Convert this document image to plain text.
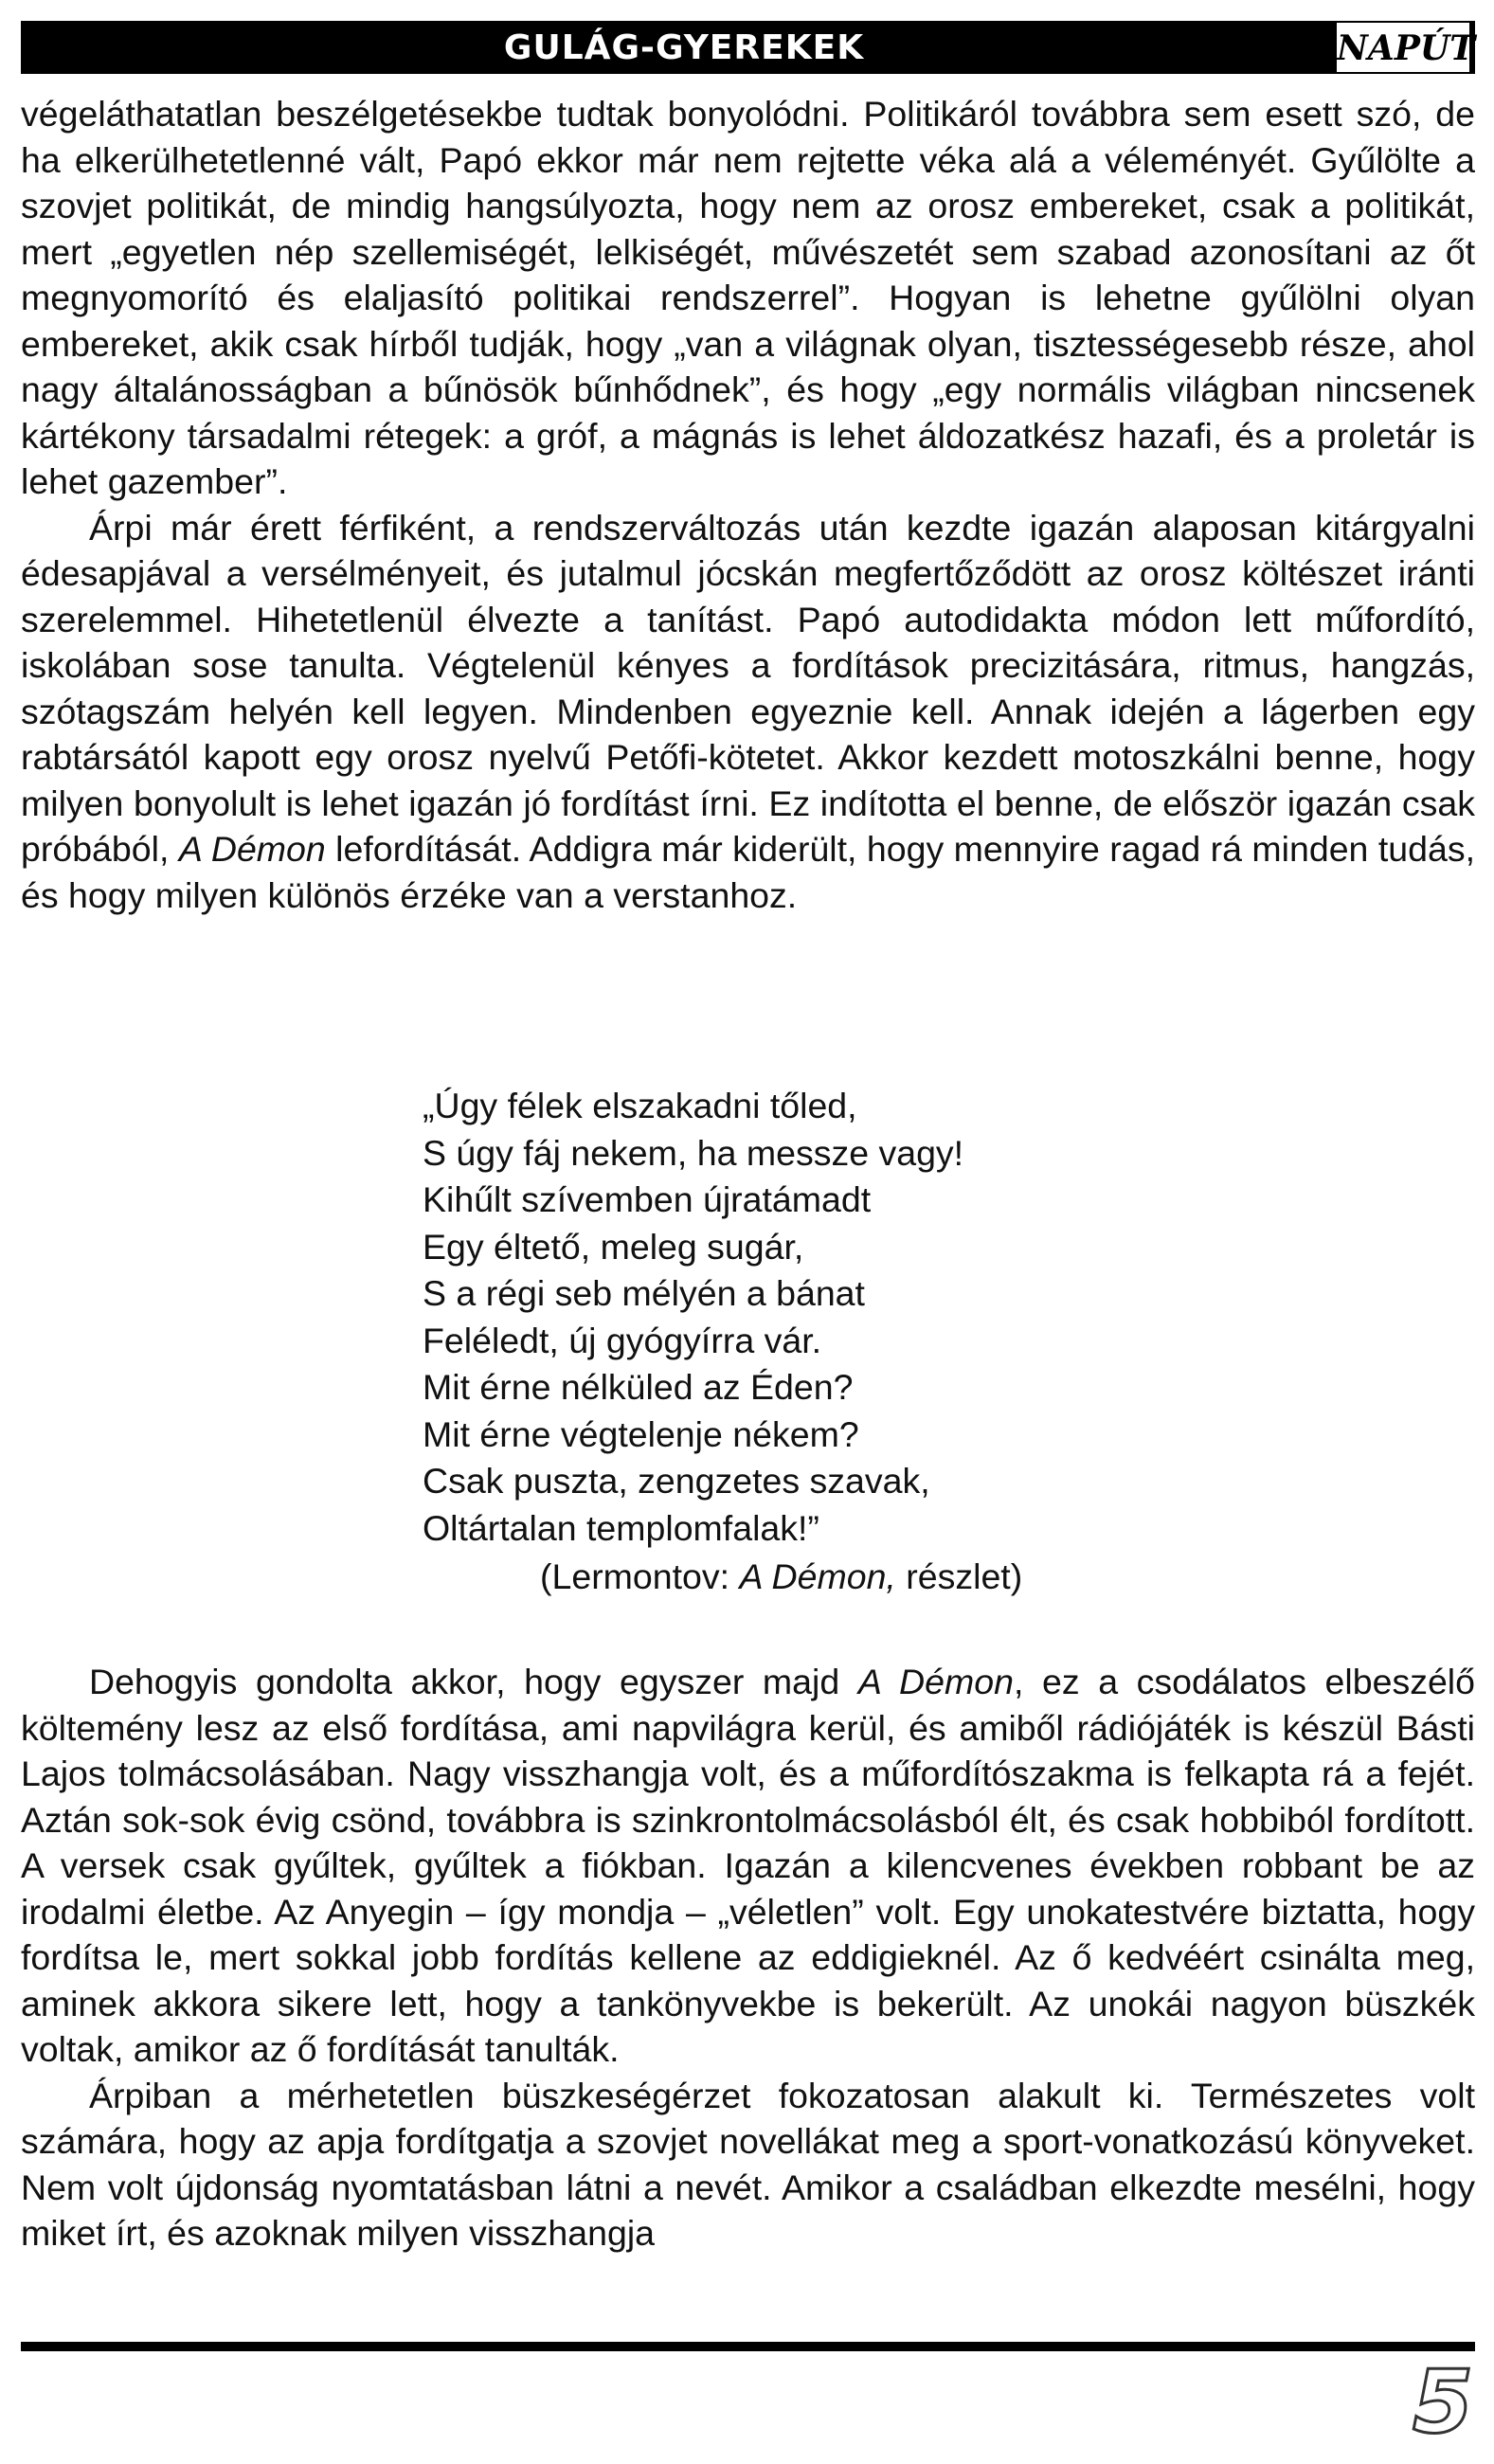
GULÁG-GYEREKEK	NAPÚT

végeláthatatlan beszélgetésekbe tudtak bonyolódni. Politikáról továbbra sem esett szó, de ha elkerülhetetlenné vált, Papó ekkor már nem rejtette véka alá a véleményét. Gyűlölte a szovjet politikát, de mindig hangsúlyozta, hogy nem az orosz embereket, csak a politikát, mert „egyetlen nép szellemiségét, lelkiségét, művészetét sem szabad azonosítani az őt megnyomorító és elaljasító politikai rendszerrel”. Hogyan is lehetne gyűlölni olyan embereket, akik csak hírből tudják, hogy „van a világnak olyan, tisztességesebb része, ahol nagy általánosságban a bűnösök bűnhődnek”, és hogy „egy normális világban nincsenek kártékony társadalmi rétegek: a gróf, a mágnás is lehet áldozatkész hazafi, és a proletár is lehet gazember”.

Árpi már érett férfiként, a rendszerváltozás után kezdte igazán alaposan kitárgyalni édesapjával a versélményeit, és jutalmul jócskán megfertőződött az orosz költészet iránti szerelemmel. Hihetetlenül élvezte a tanítást. Papó autodidakta módon lett műfordító, iskolában sose tanulta. Végtelenül kényes a fordítások precizitására, ritmus, hangzás, szótagszám helyén kell legyen. Mindenben egyeznie kell. Annak idején a lágerben egy rabtársától kapott egy orosz nyelvű Petőfi-kötetet. Akkor kezdett motoszkálni benne, hogy milyen bonyolult is lehet igazán jó fordítást írni. Ez indította el benne, de először igazán csak próbából, A Démon lefordítását. Addigra már kiderült, hogy mennyire ragad rá minden tudás, és hogy milyen különös érzéke van a verstanhoz.

„Úgy félek elszakadni tőled,
S úgy fáj nekem, ha messze vagy!
Kihűlt szívemben újratámadt
Egy éltető, meleg sugár,
S a régi seb mélyén a bánat
Feléledt, új gyógyírra vár.
Mit érne nélküled az Éden?
Mit érne végtelenje nékem?
Csak puszta, zengzetes szavak,
Oltártalan templomfalak!”
(Lermontov: A Démon, részlet)

Dehogyis gondolta akkor, hogy egyszer majd A Démon, ez a csodálatos elbeszélő költemény lesz az első fordítása, ami napvilágra kerül, és amiből rádiójáték is készül Básti Lajos tolmácsolásában. Nagy visszhangja volt, és a műfordítószakma is felkapta rá a fejét. Aztán sok-sok évig csönd, továbbra is szinkrontolmácsolásból élt, és csak hobbiból fordított. A versek csak gyűltek, gyűltek a fiókban. Igazán a kilencvenes években robbant be az irodalmi életbe. Az Anyegin – így mondja – „véletlen” volt. Egy unokatestvére biztatta, hogy fordítsa le, mert sokkal jobb fordítás kellene az eddigieknél. Az ő kedvéért csinálta meg, aminek akkora sikere lett, hogy a tankönyvekbe is bekerült. Az unokái nagyon büszkék voltak, amikor az ő fordítását tanulták.

Árpiban a mérhetetlen büszkeségérzet fokozatosan alakult ki. Természetes volt számára, hogy az apja fordítgatja a szovjet novellákat meg a sport-vonatkozású könyveket. Nem volt újdonság nyomtatásban látni a nevét. Amikor a családban elkezdte mesélni, hogy miket írt, és azoknak milyen visszhangja

5
